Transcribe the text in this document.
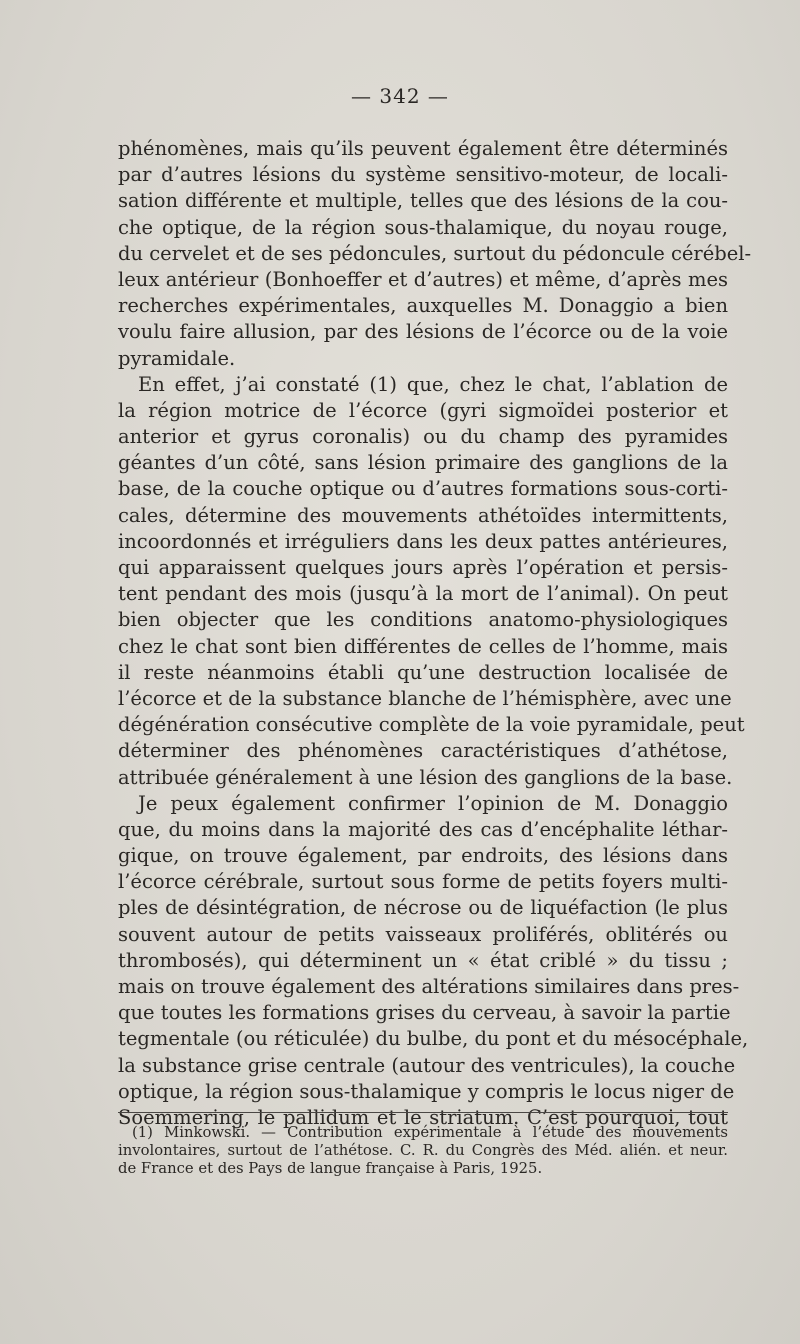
— 342 —
phénomènes, mais qu’ils peuvent également être déterminés
par d’autres lésions du système sensitivo-moteur, de locali-
sation différente et multiple, telles que des lésions de la cou-
che optique, de la région sous-thalamique, du noyau rouge,
du cervelet et de ses pédoncules, surtout du pédoncule cérébel-
leux antérieur (Bonhoeffer et d’autres) et même, d’après mes
recherches expérimentales, auxquelles M. Donaggio a bien
voulu faire allusion, par des lésions de l’écorce ou de la voie
pyramidale.
En effet, j’ai constaté (1) que, chez le chat, l’ablation de
la région motrice de l’écorce (gyri sigmoïdei posterior et
anterior et gyrus coronalis) ou du champ des pyramides
géantes d’un côté, sans lésion primaire des ganglions de la
base, de la couche optique ou d’autres formations sous-corti-
cales, détermine des mouvements athétoïdes intermittents,
incoordonnés et irréguliers dans les deux pattes antérieures,
qui apparaissent quelques jours après l’opération et persis-
tent pendant des mois (jusqu’à la mort de l’animal). On peut
bien objecter que les conditions anatomo-physiologiques
chez le chat sont bien différentes de celles de l’homme, mais
il reste néanmoins établi qu’une destruction localisée de
l’écorce et de la substance blanche de l’hémisphère, avec une
dégénération consécutive complète de la voie pyramidale, peut
déterminer des phénomènes caractéristiques d’athétose,
attribuée généralement à une lésion des ganglions de la base.
Je peux également confirmer l’opinion de M. Donaggio
que, du moins dans la majorité des cas d’encéphalite léthar-
gique, on trouve également, par endroits, des lésions dans
l’écorce cérébrale, surtout sous forme de petits foyers multi-
ples de désintégration, de nécrose ou de liquéfaction (le plus
souvent autour de petits vaisseaux proliférés, oblitérés ou
thrombosés), qui déterminent un « état criblé » du tissu ;
mais on trouve également des altérations similaires dans pres-
que toutes les formations grises du cerveau, à savoir la partie
tegmentale (ou réticulée) du bulbe, du pont et du mésocéphale,
la substance grise centrale (autour des ventricules), la couche
optique, la région sous-thalamique y compris le locus niger de
Soemmering, le pallidum et le striatum. C’est pourquoi, tout
(1) Minkowski. — Contribution expérimentale à l’étude des mouvements
involontaires, surtout de l’athétose. C. R. du Congrès des Méd. alién. et neur.
de France et des Pays de langue française à Paris, 1925.
